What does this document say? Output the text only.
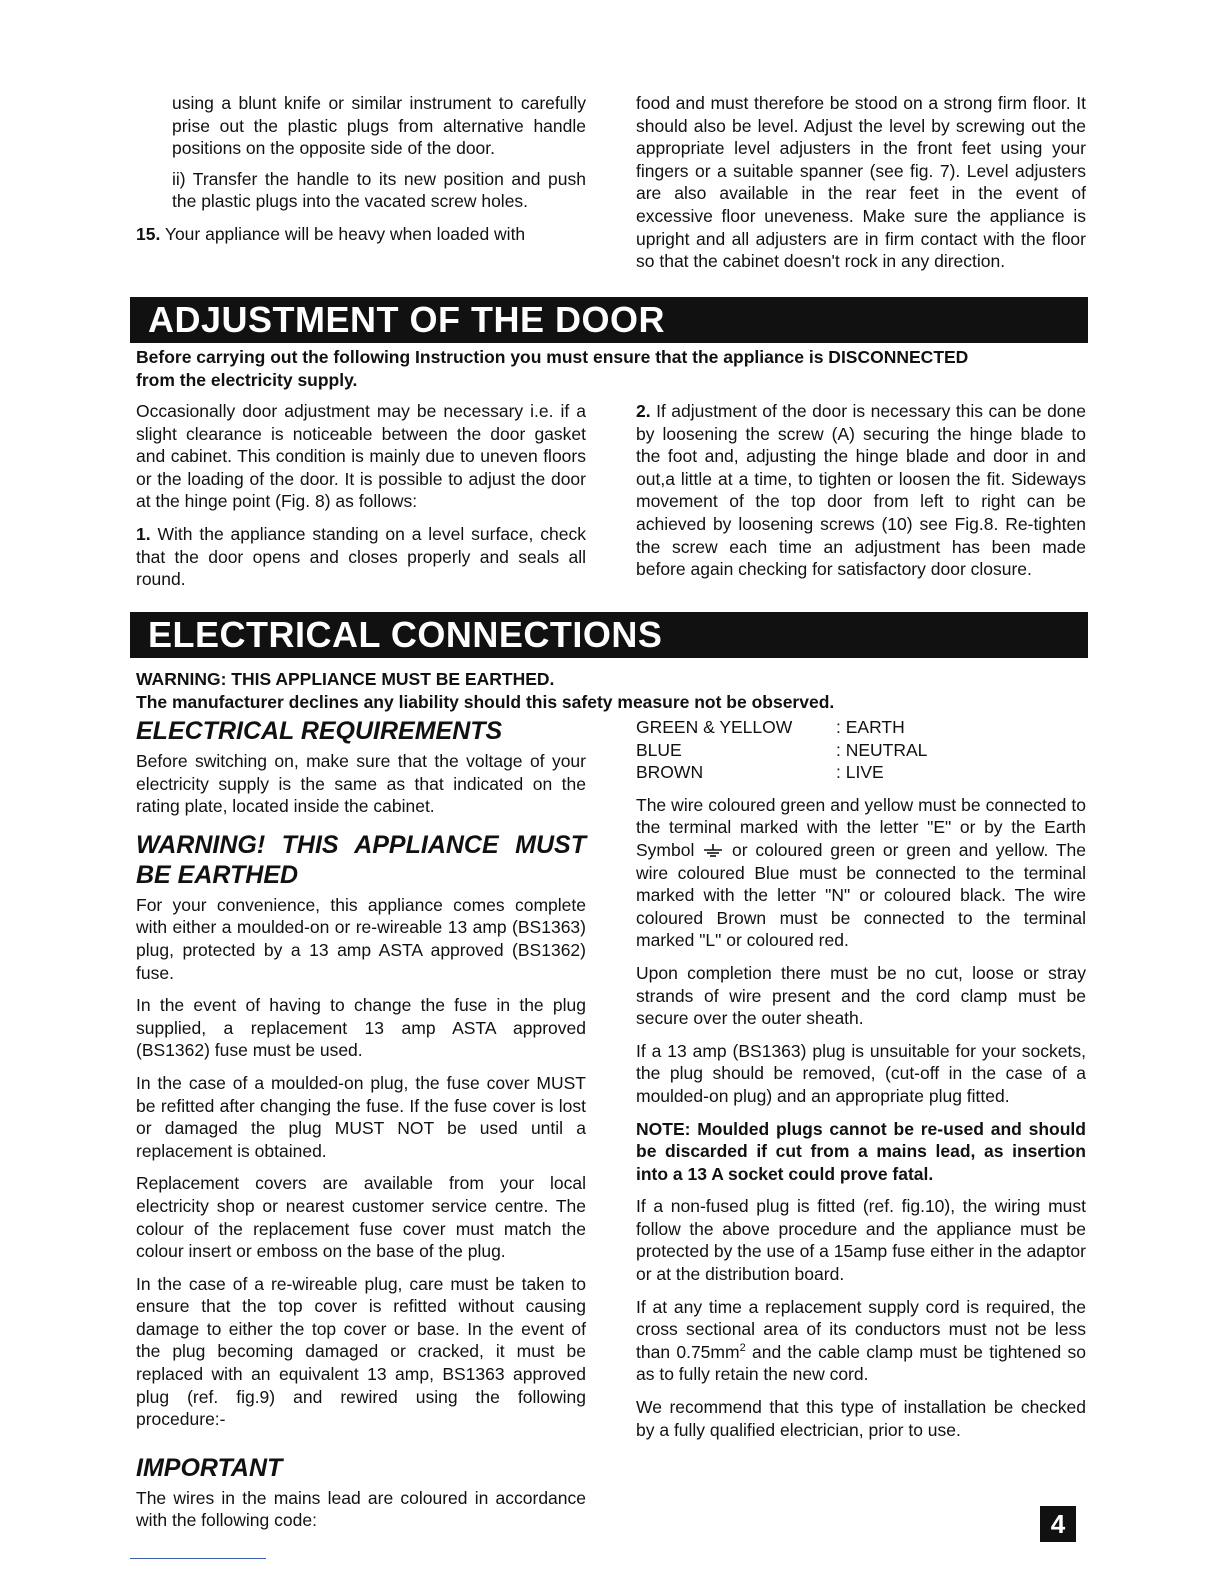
using a blunt knife or similar instrument to carefully prise out the plastic plugs from alternative handle positions on the opposite side of the door.

ii) Transfer the handle to its new position and push the plastic plugs into the vacated screw holes.

15. Your appliance will be heavy when loaded with

food and must therefore be stood on a strong firm floor. It should also be level. Adjust the level by screwing out the appropriate level adjusters in the front feet using your fingers or a suitable spanner (see fig. 7). Level adjusters are also available in the rear feet in the event of excessive floor uneveness. Make sure the appliance is upright and all adjusters are in firm contact with the floor so that the cabinet doesn't rock in any direction.

ADJUSTMENT OF THE DOOR
Before carrying out the following Instruction you must ensure that the appliance is DISCONNECTED
from the electricity supply.

Occasionally door adjustment may be necessary i.e. if a slight clearance is noticeable between the door gasket and cabinet. This condition is mainly due to uneven floors or the loading of the door. It is possible to adjust the door at the hinge point (Fig. 8) as follows:

1. With the appliance standing on a level surface, check that the door opens and closes properly and seals all round.

2. If adjustment of the door is necessary this can be done by loosening the screw (A) securing the hinge blade to the foot and, adjusting the hinge blade and door in and out,a little at a time, to tighten or loosen the fit. Sideways movement of the top door from left to right can be achieved by loosening screws (10) see Fig.8. Re-tighten the screw each time an adjustment has been made before again checking for satisfactory door closure.

ELECTRICAL CONNECTIONS
WARNING: THIS APPLIANCE MUST BE EARTHED.
The manufacturer declines any liability should this safety measure not be observed.
ELECTRICAL REQUIREMENTS

Before switching on, make sure that the voltage of your electricity supply is the same as that indicated on the rating plate, located inside the cabinet.

WARNING! THIS APPLIANCE MUST BE EARTHED

For your convenience, this appliance comes complete with either a moulded-on or re-wireable 13 amp (BS1363) plug, protected by a 13 amp ASTA approved (BS1362) fuse.

In the event of having to change the fuse in the plug supplied, a replacement 13 amp ASTA approved (BS1362) fuse must be used.

In the case of a moulded-on plug, the fuse cover MUST be refitted after changing the fuse. If the fuse cover is lost or damaged the plug MUST NOT be used until a replacement is obtained.

Replacement covers are available from your local electricity shop or nearest customer service centre. The colour of the replacement fuse cover must match the colour insert or emboss on the base of the plug.

In the case of a re-wireable plug, care must be taken to ensure that the top cover is refitted without causing damage to either the top cover or base. In the event of the plug becoming damaged or cracked, it must be replaced with an equivalent 13 amp, BS1363 approved plug (ref. fig.9) and rewired using the following procedure:-

IMPORTANT

The wires in the mains lead are coloured in accordance with the following code:

GREEN & YELLOW	: EARTH
BLUE	: NEUTRAL
BROWN	: LIVE

The wire coloured green and yellow must be connected to the terminal marked with the letter "E" or by the Earth Symbol or coloured green or green and yellow. The wire coloured Blue must be connected to the terminal marked with the letter "N" or coloured black. The wire coloured Brown must be connected to the terminal marked "L" or coloured red.

Upon completion there must be no cut, loose or stray strands of wire present and the cord clamp must be secure over the outer sheath.

If a 13 amp (BS1363) plug is unsuitable for your sockets, the plug should be removed, (cut-off in the case of a moulded-on plug) and an appropriate plug fitted.

NOTE: Moulded plugs cannot be re-used and should be discarded if cut from a mains lead, as insertion into a 13 A socket could prove fatal.

If a non-fused plug is fitted (ref. fig.10), the wiring must follow the above procedure and the appliance must be protected by the use of a 15amp fuse either in the adaptor or at the distribution board.

If at any time a replacement supply cord is required, the cross sectional area of its conductors must not be less than $0.75mm^2$ and the cable clamp must be tightened so as to fully retain the new cord.

We recommend that this type of installation be checked by a fully qualified electrician, prior to use.

4
